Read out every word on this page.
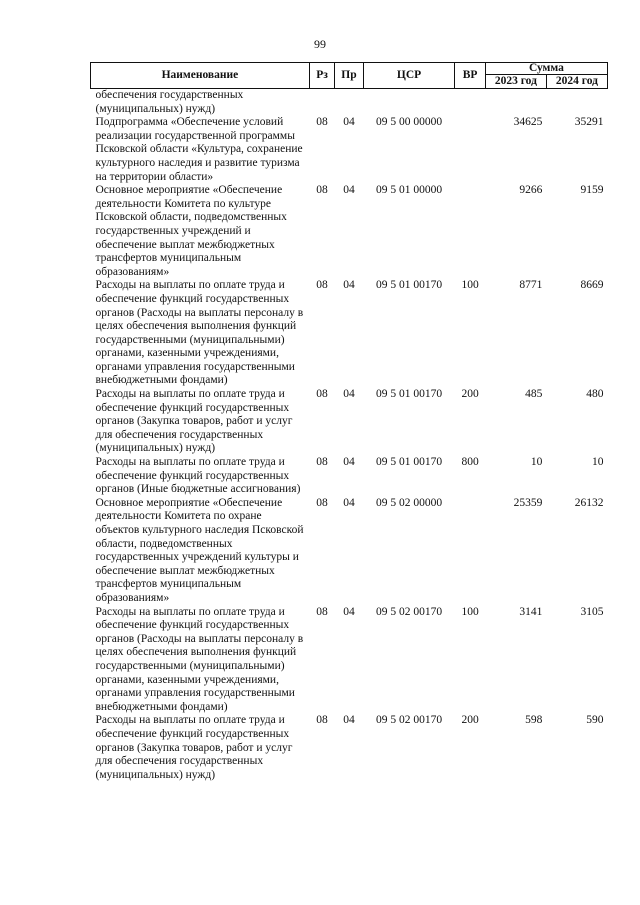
99
Наименование	Рз	Пр	ЦСР	ВР	Сумма	
					2023 год	2024 год
обеспечения государственных (муниципальных) нужд)						
Подпрограмма «Обеспечение условий реализации государственной программы Псковской области «Культура, сохранение культурного наследия и развитие туризма на территории области»	08	04	09 5 00 00000		34625	35291
Основное мероприятие «Обеспечение деятельности Комитета по культуре Псковской области, подведомственных государственных учреждений и обеспечение выплат межбюджетных трансфертов муниципальным образованиям»	08	04	09 5 01 00000		9266	9159
Расходы на выплаты по оплате труда и обеспечение функций государственных органов (Расходы на выплаты персоналу в целях обеспечения выполнения функций государственными (муниципальными) органами, казенными учреждениями, органами управления государственными внебюджетными фондами)	08	04	09 5 01 00170	100	8771	8669
Расходы на выплаты по оплате труда и обеспечение функций государственных органов (Закупка товаров, работ и услуг для обеспечения государственных (муниципальных) нужд)	08	04	09 5 01 00170	200	485	480
Расходы на выплаты по оплате труда и обеспечение функций государственных органов (Иные бюджетные ассигнования)	08	04	09 5 01 00170	800	10	10
Основное мероприятие «Обеспечение деятельности Комитета по охране объектов культурного наследия Псковской области, подведомственных государственных учреждений культуры и обеспечение выплат межбюджетных трансфертов муниципальным образованиям»	08	04	09 5 02 00000		25359	26132
Расходы на выплаты по оплате труда и обеспечение функций государственных органов (Расходы на выплаты персоналу в целях обеспечения выполнения функций государственными (муниципальными) органами, казенными учреждениями, органами управления государственными внебюджетными фондами)	08	04	09 5 02 00170	100	3141	3105
Расходы на выплаты по оплате труда и обеспечение функций государственных органов (Закупка товаров, работ и услуг для обеспечения государственных (муниципальных) нужд)	08	04	09 5 02 00170	200	598	590
